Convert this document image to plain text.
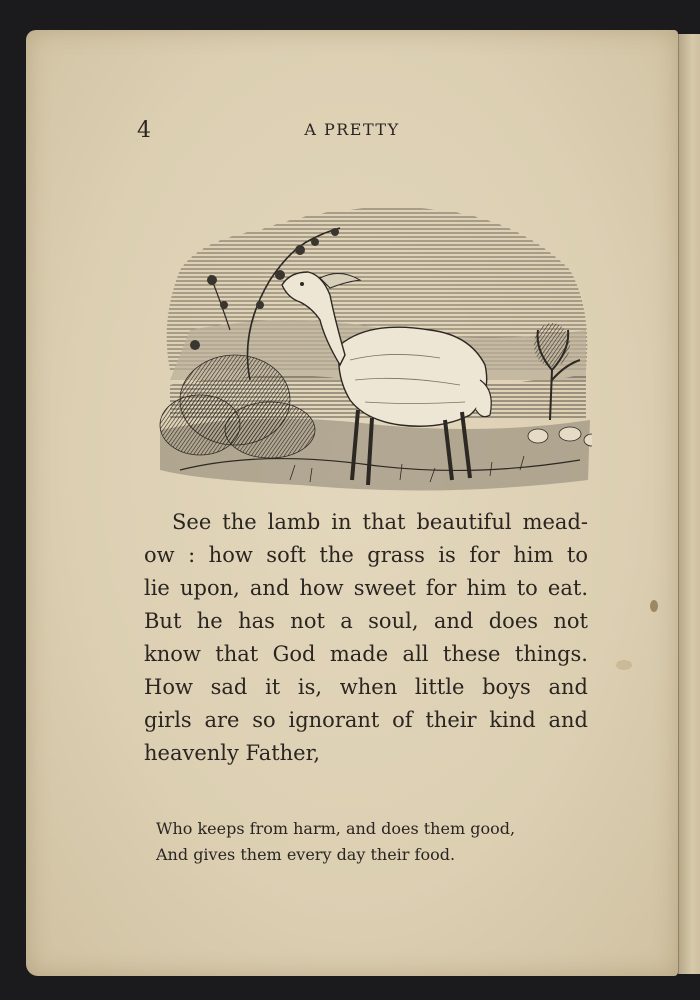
4	A PRETTY

See the lamb in that beautiful mead-
ow : how soft the grass is for him to
lie upon, and how sweet for him to eat.
But he has not a soul, and does not
know that God made all these things.
How sad it is, when little boys and
girls are so ignorant of their kind and
heavenly Father,

Who keeps from harm, and does them good,
And gives them every day their food.
